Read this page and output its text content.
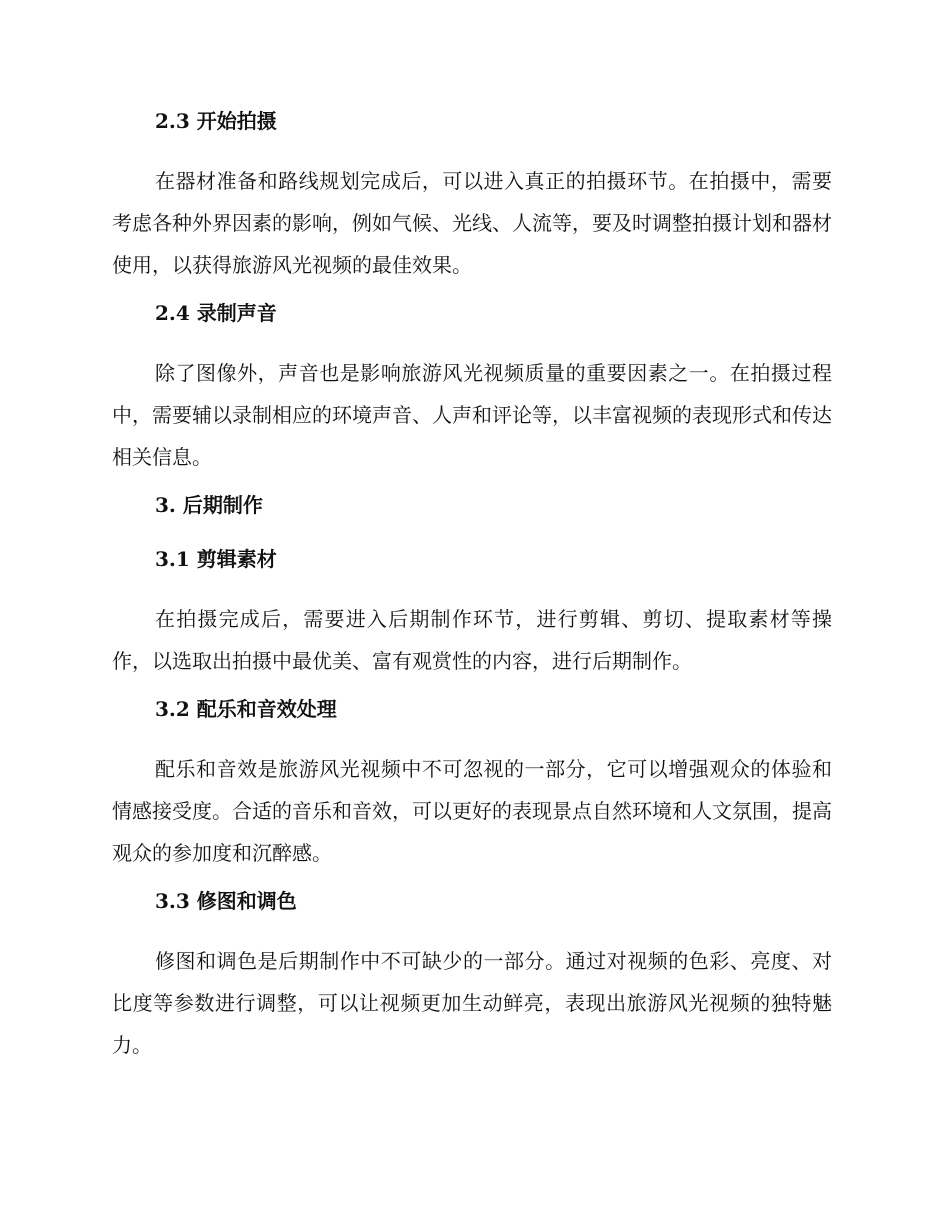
2.3 开始拍摄

在器材准备和路线规划完成后，可以进入真正的拍摄环节。在拍摄中，需要考虑各种外界因素的影响，例如气候、光线、人流等，要及时调整拍摄计划和器材使用，以获得旅游风光视频的最佳效果。

2.4 录制声音

除了图像外，声音也是影响旅游风光视频质量的重要因素之一。在拍摄过程中，需要辅以录制相应的环境声音、人声和评论等，以丰富视频的表现形式和传达相关信息。

3. 后期制作
3.1 剪辑素材

在拍摄完成后，需要进入后期制作环节，进行剪辑、剪切、提取素材等操作，以选取出拍摄中最优美、富有观赏性的内容，进行后期制作。

3.2 配乐和音效处理

配乐和音效是旅游风光视频中不可忽视的一部分，它可以增强观众的体验和情感接受度。合适的音乐和音效，可以更好的表现景点自然环境和人文氛围，提高观众的参加度和沉醉感。

3.3 修图和调色

修图和调色是后期制作中不可缺少的一部分。通过对视频的色彩、亮度、对比度等参数进行调整，可以让视频更加生动鲜亮，表现出旅游风光视频的独特魅力。
